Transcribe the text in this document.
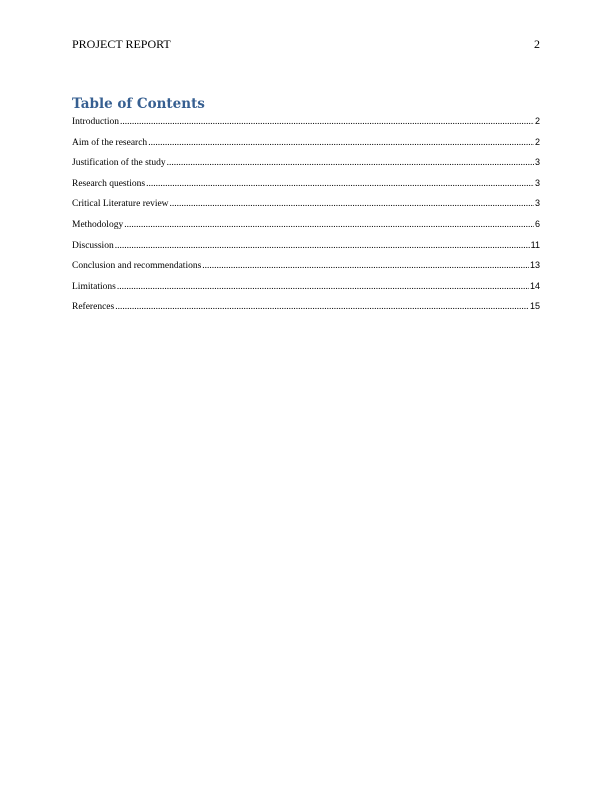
PROJECT REPORT	2
Table of Contents
Introduction .....	2
Aim of the research .....	2
Justification of the study .....	3
Research questions .....	3
Critical Literature review .....	3
Methodology .....	6
Discussion .....	11
Conclusion and recommendations .....	13
Limitations .....	14
References .....	15
